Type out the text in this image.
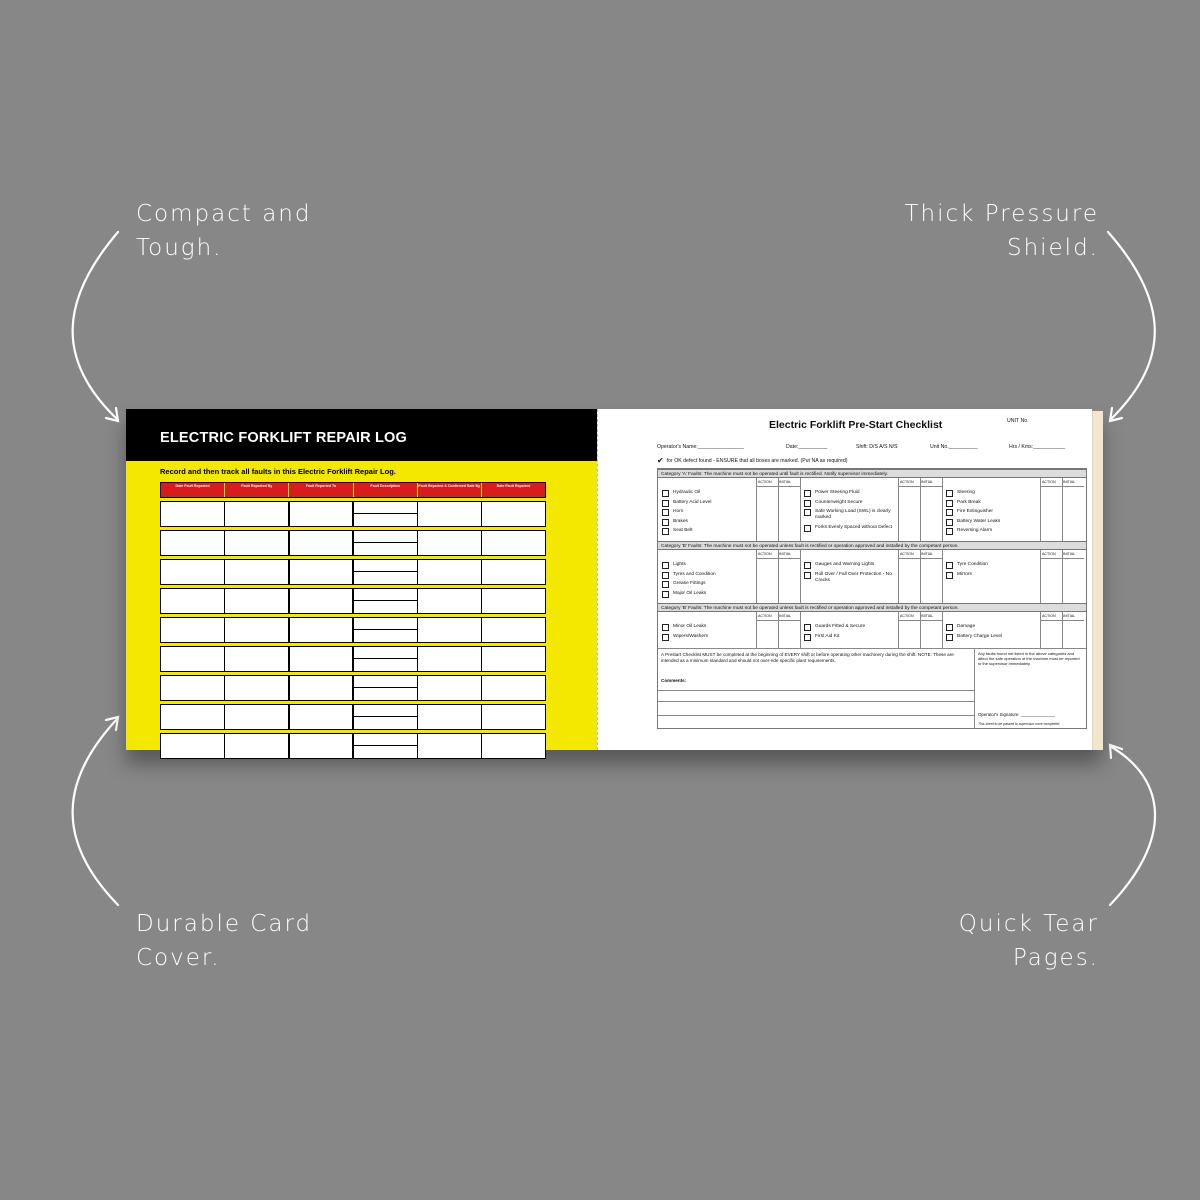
Compact and
Tough.
Thick Pressure
Shield.
Durable Card
Cover.
Quick Tear
Pages.
ELECTRIC FORKLIFT REPAIR LOG
Record and then track all faults in this Electric Forklift Repair Log.
Date Fault Reported	Fault Reported By	Fault Reported To	Fault Description	Fault Repaired & Confirmed Safe By	Date Fault Repaired
Electric Forklift Pre-Start Checklist	UNIT No.
Operator's Name:________________	Date:__________	Shift: D/S A/S N/S	Unit No.__________	Hrs / Kms:___________
✔ for OK defect found - ENSURE that all boxes are marked. (Put NA as required)
Category 'A' Faults: The machine must not be operated until fault is rectified. Notify supervisor immediately.
Category 'B' Faults: The machine must not be operated unless fault is rectified or operation approved and installed by the competant person.
Category 'B' Faults: The machine must not be operated unless fault is rectified or operation approved and installed by the competant person.
ACTION INITIAL
Hydraulic Oil
Battery Acid Level
Horn
Brakes
Seat Belt
ACTION INITIAL
Power Steering Fluid
Counterweight Secure
Safe Working Load (SWL) is clearly marked
Forks Evenly Spaced without Defect
ACTION INITIAL
Steering
Park Break
Fire Extinguisher
Battery Water Leaks
Reversing Alarm
ACTION INITIAL
Lights
Tyres and Condition
Grease Fittings
Major Oil Leaks
ACTION INITIAL
Gauges and Warning Lights
Roll Over / Fall Over Protection - No Cracks
ACTION INITIAL
Tyre Condition
Mirrors
ACTION INITIAL
Minor Oil Leaks
Wipers/Washers
ACTION INITIAL
Guards Fitted & Secure
First Aid Kit
ACTION INITIAL
Damage
Battery Charge Level
A Prestart Checklist MUST be completed at the beginning of EVERY shift or before operating other machinery during the shift. NOTE: These are intended as a minimum standard and should not over-ride specific plant requirements.
Comments:
Any faults found not listed in the above categories and affect the safe operation of the machine must be reported to the supervisor immediately.
Operator's Signature: ______________
This sheet to be passed to supervisor once completed.
